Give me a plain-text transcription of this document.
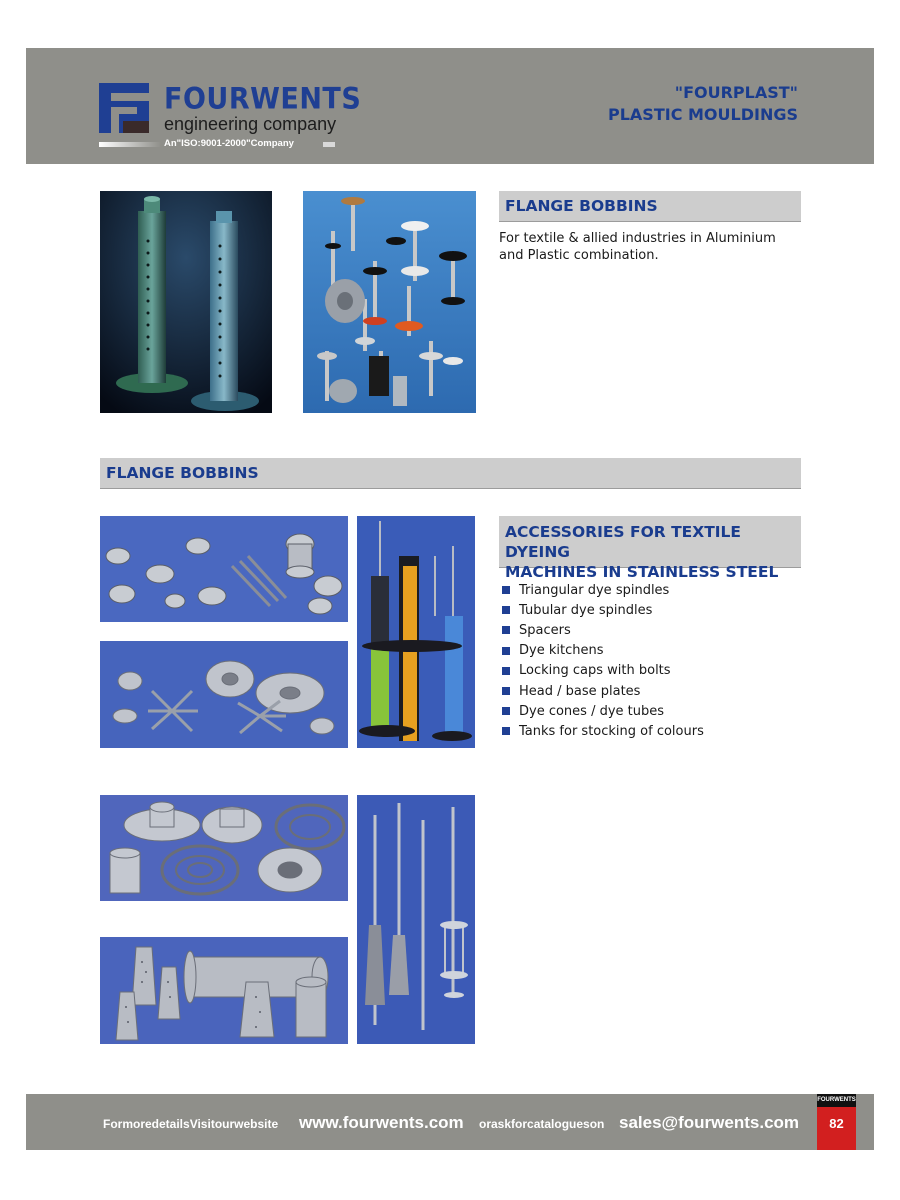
FOURWENTS
engineering company
An"ISO:9001-2000"Company
"FOURPLAST"
PLASTIC MOULDINGS
FLANGE BOBBINS
For textile & allied industries in Aluminium and Plastic combination.
FLANGE BOBBINS
ACCESSORIES FOR TEXTILE DYEING
MACHINES IN STAINLESS STEEL
Triangular dye spindles
Tubular dye spindles
Spacers
Dye kitchens
Locking caps with bolts
Head / base plates
Dye cones / dye tubes
Tanks for stocking of colours
FormoredetailsVisitourwebsite www.fourwents.com oraskforcatalogueson sales@fourwents.com
FOURWENTS
82
